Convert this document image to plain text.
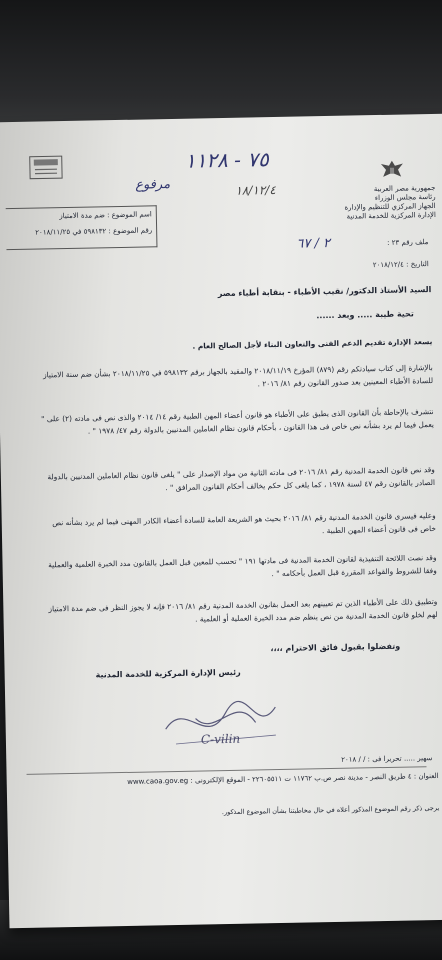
جمهورية مصر العربية
رئاسة مجلس الوزراء
الجهاز المركزي للتنظيم والإدارة
الإدارة المركزية للخدمة المدنية
اسم الموضوع : ضم مدة الامتياز
رقم الموضوع : ٥٩٨١٣٢ في ٢٠١٨/١١/٢٥
٧٥ - ١١٢٨
مرفوع	١٨/١٢/٤
٢ / ٦٧	ملف رقم ٢٣ :
التاريخ : ٢٠١٨/١٢/٤
السيد الأستاذ الدكتور/ نقيب الأطباء - بنقابة أطباء مصر
تحية طيبة ..... وبعد ......
يسعد الإدارة تقديم الدعم الفنى والتعاون البناء لأجل الصالح العام .
بالإشارة إلى كتاب سيادتكم رقم (٨٧٩) المؤرخ ٢٠١٨/١١/١٩ والمقيد بالجهاز برقم ٥٩٨١٣٢ في ٢٠١٨/١١/٢٥ بشأن ضم سنة الامتياز للسادة الأطباء المعينين بعد صدور القانون رقم ٨١/ ٢٠١٦ .
نتشرف بالإحاطة بأن القانون الذى يطبق على الأطباء هو قانون أعضاء المهن الطبية رقم ١٤/ ٢٠١٤ والذى نص فى مادته (٢) على " يعمل فيما لم يرد بشأنه نص خاص فى هذا القانون ، بأحكام قانون نظام العاملين المدنيين بالدولة رقم ٤٧/ ١٩٧٨ " .
وقد نص قانون الخدمة المدنية رقم ٨١/ ٢٠١٦ فى مادته الثانية من مواد الإصدار على " يلغى قانون نظام العاملين المدنيين بالدولة الصادر بالقانون رقم ٤٧ لسنة ١٩٧٨ ، كما يلغى كل حكم يخالف أحكام القانون المرافق " .
وعليه فيسرى قانون الخدمة المدنية رقم ٨١/ ٢٠١٦ بحيث هو الشريعة العامة للسادة أعضاء الكادر المهنى فيما لم يرد بشأنه نص خاص فى قانون أعضاء المهن الطبية .
وقد نصت اللائحة التنفيذية لقانون الخدمة المدنية فى مادتها ١٩١ " تحسب للمعين قبل العمل بالقانون مدد الخبرة العلمية والعملية وفقا للشروط والقواعد المقررة قبل العمل بأحكامه " .
وتطبيق ذلك على الأطباء الذين تم تعيينهم بعد العمل بقانون الخدمة المدنية رقم ٨١/ ٢٠١٦ فإنه لا يجوز النظر فى ضم مدة الامتياز لهم لخلو قانون الخدمة المدنية من نص ينظم ضم مدد الخبرة العملية أو العلمية .
وتفضلوا بقبول فائق الاحترام ،،،،
رئيس الإدارة المركزية للخدمة المدنية
C-vilin
سهير ..... تحريرا فى : / / ٢٠١٨
العنوان : ٤ طريق النصر - مدينة نصر ص.ب ١١٧٦٢ ت ٢٢٦٠٥٥١١ - الموقع الإلكترونى : www.caoa.gov.eg
يرجى ذكر رقم الموضوع المذكور أعلاه في حال مخاطبتنا بشأن الموضوع المذكور.
